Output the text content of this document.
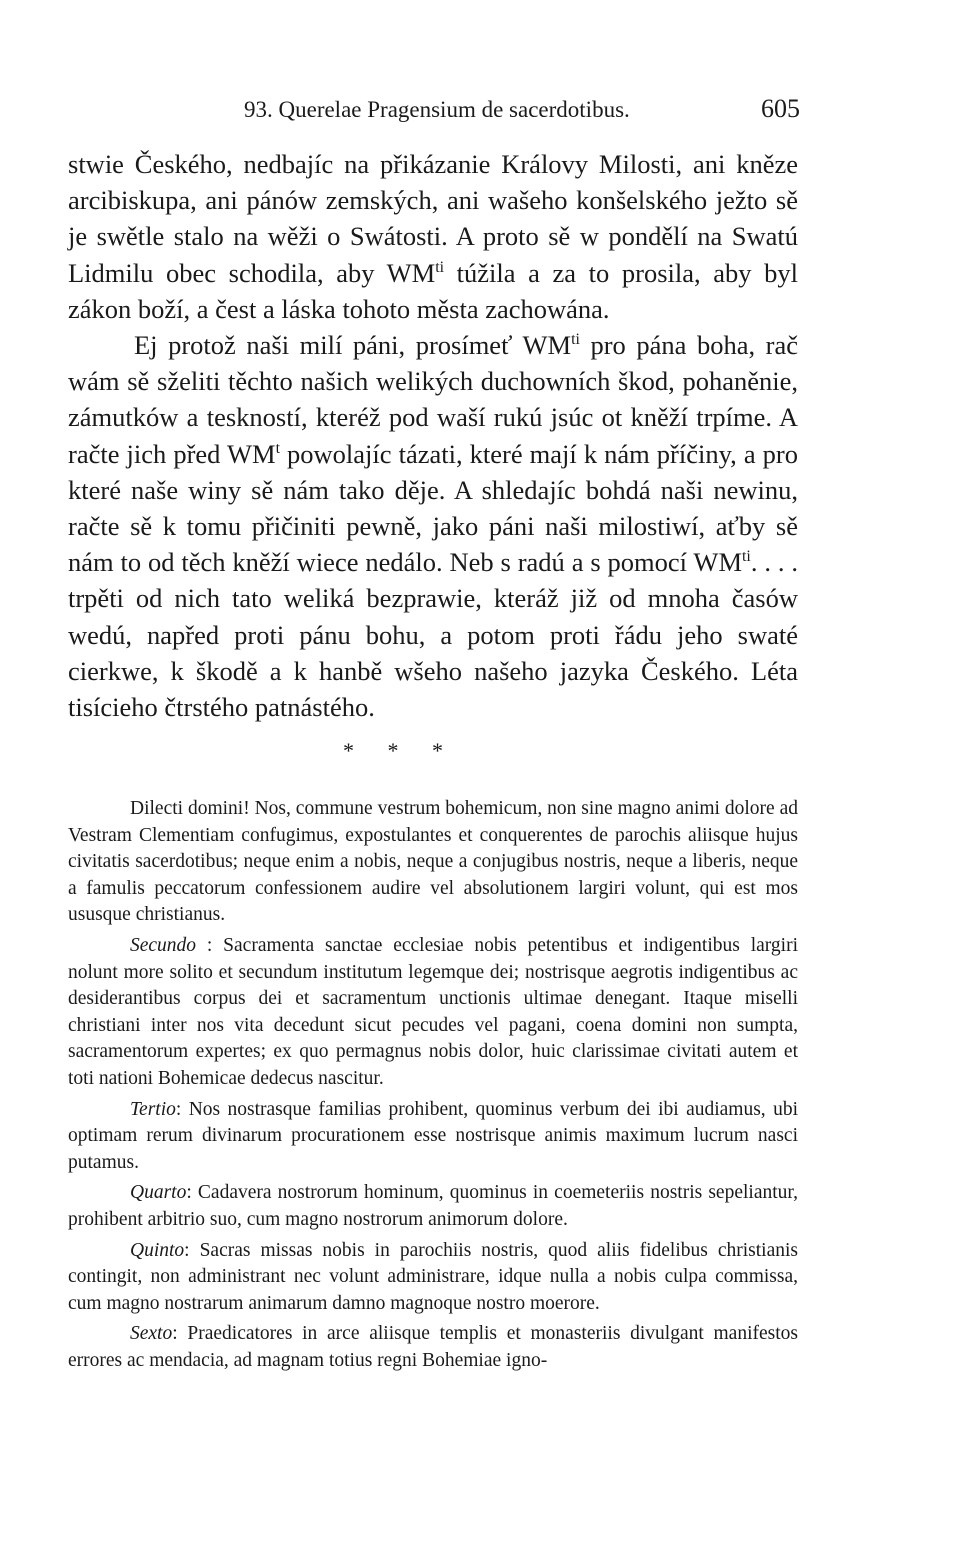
93. Querelae Pragensium de sacerdotibus.	605

stwie Českého, nedbajíc na přikázanie Královy Milosti, ani kněze arcibiskupa, ani pánów zemských, ani wašeho konšelského ježto sě je swětle stalo na wěži o Swátosti. A proto sě w pondělí na Swatú Lidmilu obec schodila, aby $WM^{ti}$ túžila a za to prosila, aby byl zákon boží, a čest a láska tohoto města zachowána.

Ej protož naši milí páni, prosímeť $WM^{ti}$ pro pána boha, rač wám sě sželiti těchto našich welikých duchowních škod, pohaněnie, zámutków a teskností, kteréž pod waší rukú jsúc ot kněží trpíme. A račte jich před $WM^t$ powolajíc tázati, které mají k nám příčiny, a pro které naše winy sě nám tako děje. A shledajíc bohdá naši newinu, račte sě k tomu přičiniti pewně, jako páni naši milostiwí, aťby sě nám to od těch kněží wiece nedálo. Neb s radú a s pomocí $WM^{ti}$. . . . trpěti od nich tato weliká bezprawie, kteráž již od mnoha časów wedú, napřed proti pánu bohu, a potom proti řádu jeho swaté cierkwe, k škodě a k hanbě wšeho našeho jazyka Českého. Léta tisícieho čtrstého patnástého.

* * *

Dilecti domini! Nos, commune vestrum bohemicum, non sine magno animi dolore ad Vestram Clementiam confugimus, expostulantes et conquerentes de parochis aliisque hujus civitatis sacerdotibus; neque enim a nobis, neque a conjugibus nostris, neque a liberis, neque a famulis peccatorum confessionem audire vel absolutionem largiri volunt, qui est mos ususque christianus.

Secundo : Sacramenta sanctae ecclesiae nobis petentibus et indigentibus largiri nolunt more solito et secundum institutum legemque dei; nostrisque aegrotis indigentibus ac desiderantibus corpus dei et sacramentum unctionis ultimae denegant. Itaque miselli christiani inter nos vita decedunt sicut pecudes vel pagani, coena domini non sumpta, sacramentorum expertes; ex quo permagnus nobis dolor, huic clarissimae civitati autem et toti nationi Bohemicae dedecus nascitur.

Tertio: Nos nostrasque familias prohibent, quominus verbum dei ibi audiamus, ubi optimam rerum divinarum procurationem esse nostrisque animis maximum lucrum nasci putamus.

Quarto: Cadavera nostrorum hominum, quominus in coemeteriis nostris sepeliantur, prohibent arbitrio suo, cum magno nostrorum animorum dolore.

Quinto: Sacras missas nobis in parochiis nostris, quod aliis fidelibus christianis contingit, non administrant nec volunt administrare, idque nulla a nobis culpa commissa, cum magno nostrarum animarum damno magnoque nostro moerore.

Sexto: Praedicatores in arce aliisque templis et monasteriis divulgant manifestos errores ac mendacia, ad magnam totius regni Bohemiae igno-
